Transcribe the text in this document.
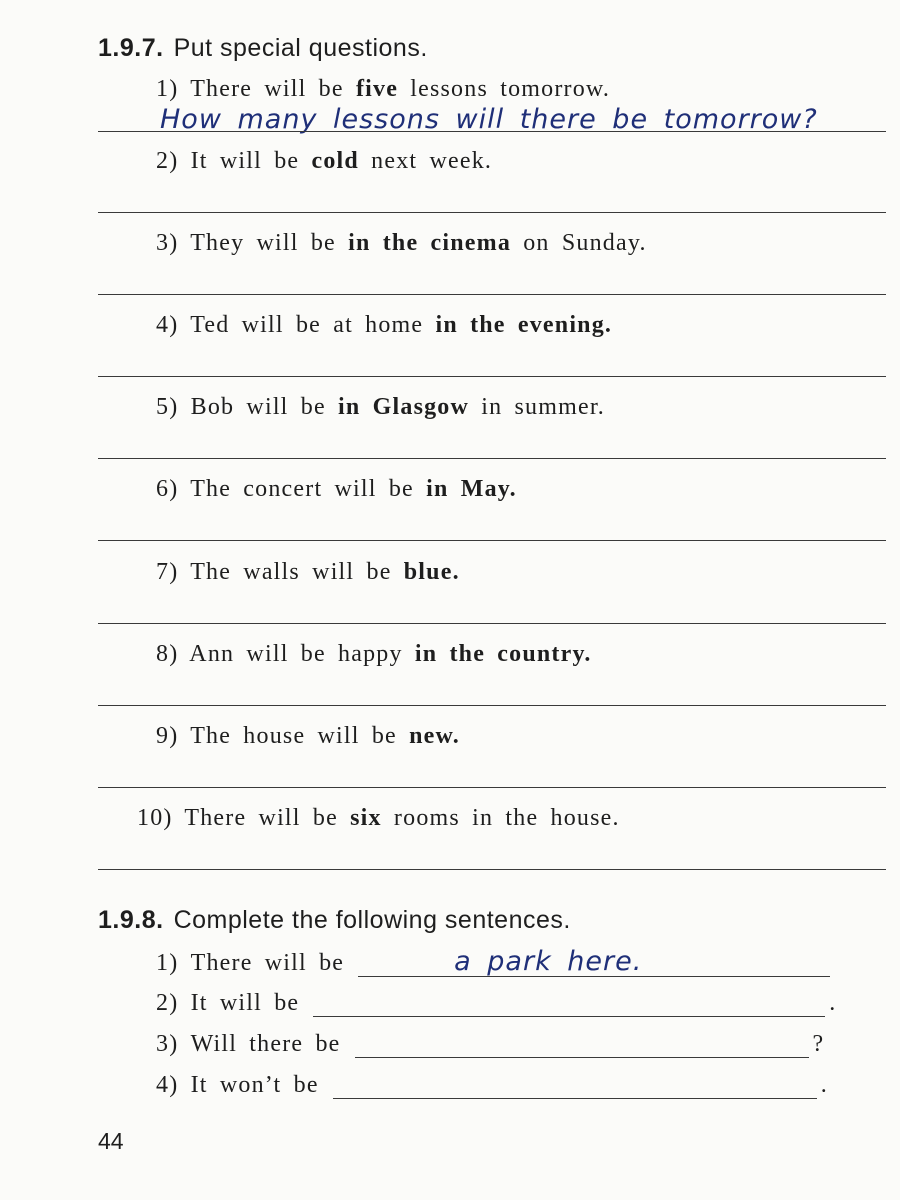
1.9.7. Put special questions.
1) There will be five lessons tomorrow.
How many lessons will there be tomorrow?
2) It will be cold next week.
3) They will be in the cinema on Sunday.
4) Ted will be at home in the evening.
5) Bob will be in Glasgow in summer.
6) The concert will be in May.
7) The walls will be blue.
8) Ann will be happy in the country.
9) The house will be new.
10) There will be six rooms in the house.
1.9.8. Complete the following sentences.
1)
There will be	a park here.
2)
It will be	.
3)
Will there be	?
4)
It won’t be	.
44
